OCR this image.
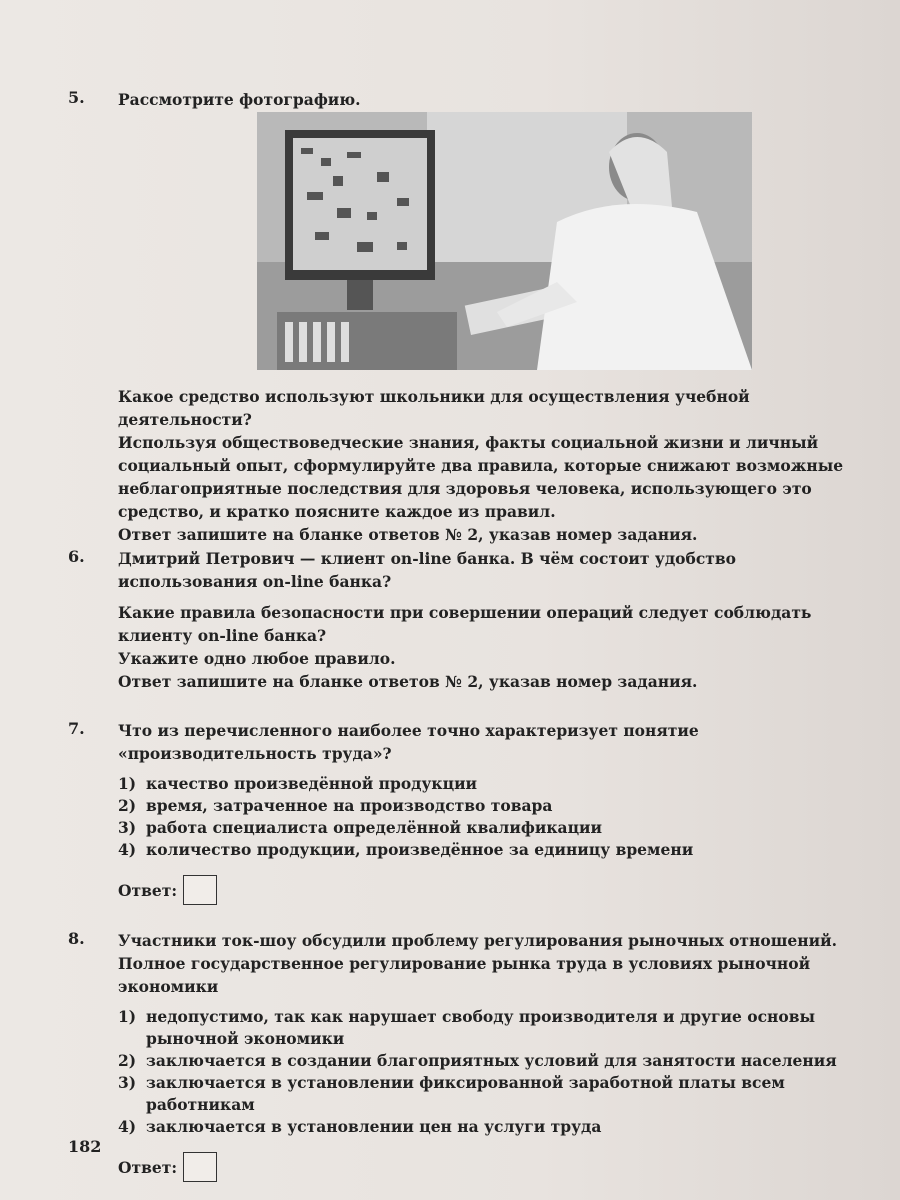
5. Рассмотрите фотографию.

Какое средство используют школьники для осуществления учебной деятельности?

Используя обществоведческие знания, факты социальной жизни и личный социальный опыт, сформулируйте два правила, которые снижают возможные неблагоприятные последствия для здоровья человека, использующего это средство, и кратко поясните каждое из правил.

Ответ запишите на бланке ответов № 2, указав номер задания.

6. Дмитрий Петрович — клиент on-line банка. В чём состоит удобство использования on-line банка?

Какие правила безопасности при совершении операций следует соблюдать клиенту on-line банка?

Укажите одно любое правило.

Ответ запишите на бланке ответов № 2, указав номер задания.

7. Что из перечисленного наиболее точно характеризует понятие «производительность труда»?

1) качество произведённой продукции
2) время, затраченное на производство товара
3) работа специалиста определённой квалификации
4) количество продукции, произведённое за единицу времени
Ответ:
8. Участники ток-шоу обсудили проблему регулирования рыночных отношений. Полное государственное регулирование рынка труда в условиях рыночной экономики

1) недопустимо, так как нарушает свободу производителя и другие основы рыночной экономики
2) заключается в создании благоприятных условий для занятости населения
3) заключается в установлении фиксированной заработной платы всем работникам
4) заключается в установлении цен на услуги труда
Ответ:
182
